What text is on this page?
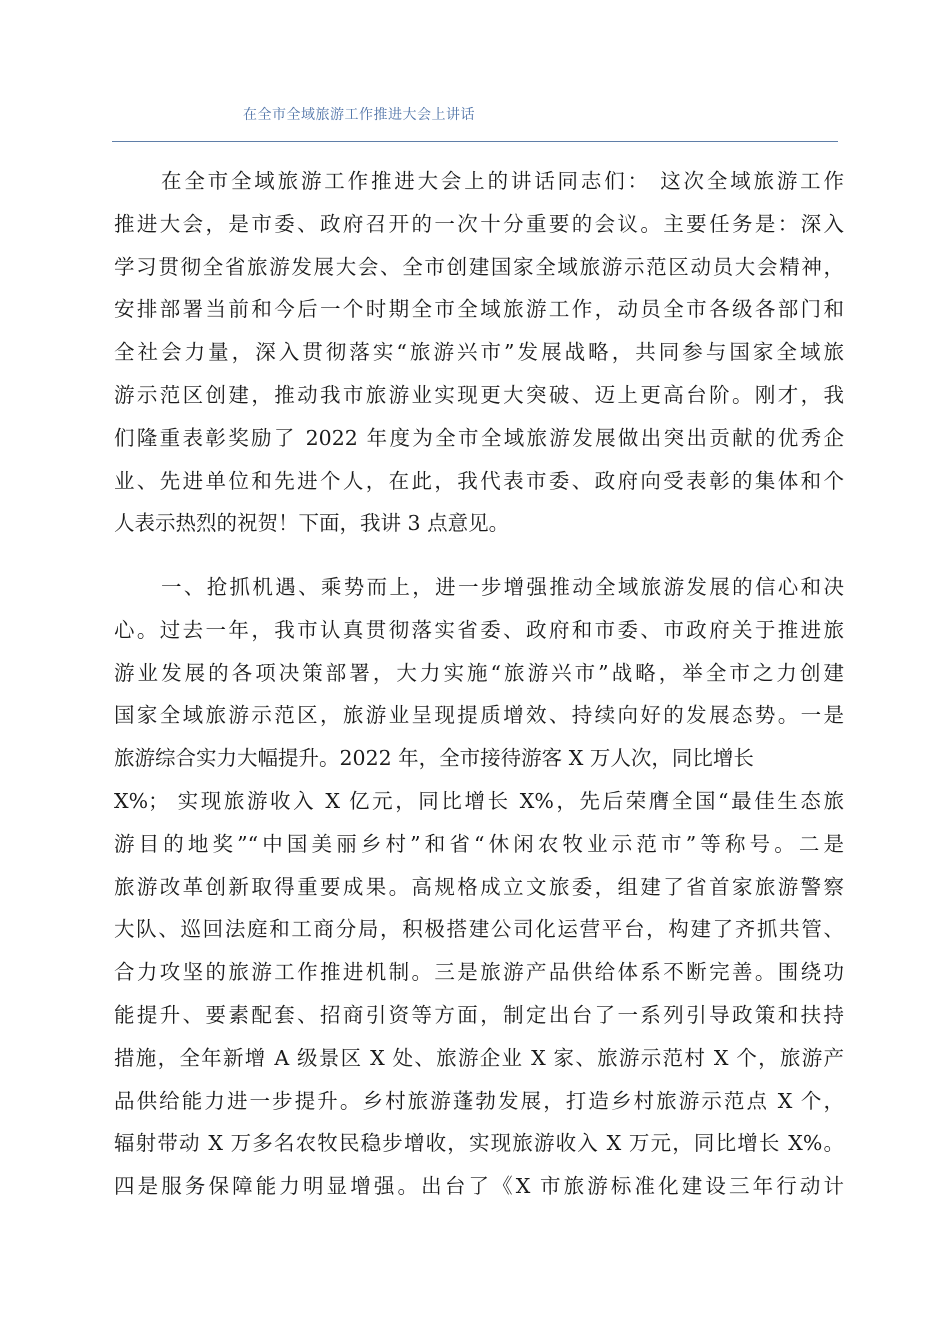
在全市全域旅游工作推进大会上讲话
在全市全域旅游工作推进大会上的讲话同志们： 这次全域旅游工作
推进大会，是市委、政府召开的一次十分重要的会议。主要任务是：深入
学习贯彻全省旅游发展大会、全市创建国家全域旅游示范区动员大会精神，
安排部署当前和今后一个时期全市全域旅游工作，动员全市各级各部门和
全社会力量，深入贯彻落实“旅游兴市”发展战略，共同参与国家全域旅
游示范区创建，推动我市旅游业实现更大突破、迈上更高台阶。刚才，我
们隆重表彰奖励了 2022 年度为全市全域旅游发展做出突出贡献的优秀企
业、先进单位和先进个人，在此，我代表市委、政府向受表彰的集体和个
人表示热烈的祝贺！下面，我讲 3 点意见。
一、抢抓机遇、乘势而上，进一步增强推动全域旅游发展的信心和决
心。过去一年，我市认真贯彻落实省委、政府和市委、市政府关于推进旅
游业发展的各项决策部署，大力实施“旅游兴市”战略，举全市之力创建
国家全域旅游示范区，旅游业呈现提质增效、持续向好的发展态势。一是
旅游综合实力大幅提升。2022 年，全市接待游客 X 万人次，同比增长
X%； 实现旅游收入 X 亿元，同比增长 X%，先后荣膺全国“最佳生态旅
游目的地奖”“中国美丽乡村”和省“休闲农牧业示范市”等称号。二是
旅游改革创新取得重要成果。高规格成立文旅委，组建了省首家旅游警察
大队、巡回法庭和工商分局，积极搭建公司化运营平台，构建了齐抓共管、
合力攻坚的旅游工作推进机制。三是旅游产品供给体系不断完善。围绕功
能提升、要素配套、招商引资等方面，制定出台了一系列引导政策和扶持
措施，全年新增 A 级景区 X 处、旅游企业 X 家、旅游示范村 X 个，旅游产
品供给能力进一步提升。乡村旅游蓬勃发展，打造乡村旅游示范点 X 个，
辐射带动 X 万多名农牧民稳步增收，实现旅游收入 X 万元，同比增长 X%。
四是服务保障能力明显增强。出台了《X 市旅游标准化建设三年行动计
